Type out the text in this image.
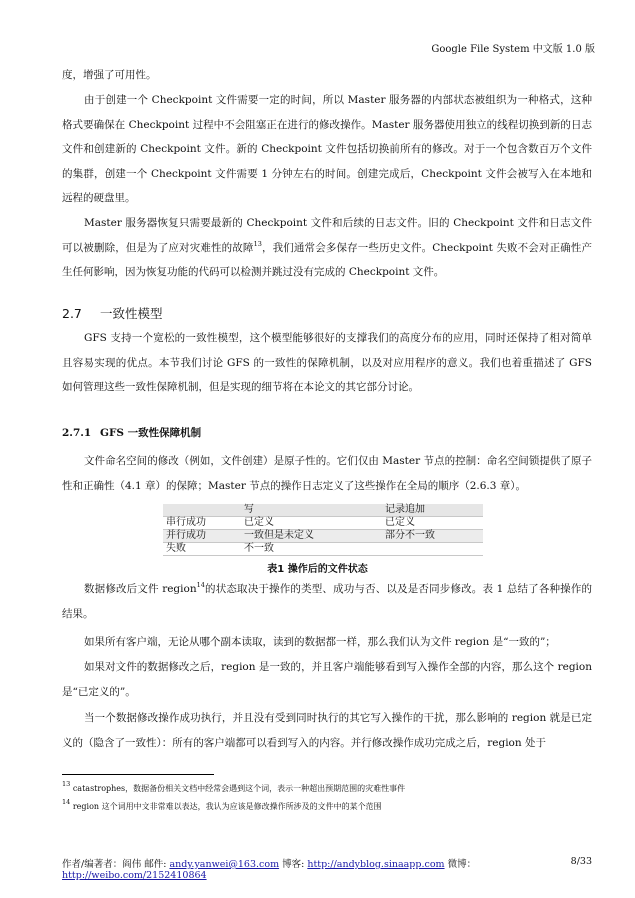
Google File System 中文版 1.0 版
度，增强了可用性。
由于创建一个 Checkpoint 文件需要一定的时间，所以 Master 服务器的内部状态被组织为一种格式，这种格式要确保在 Checkpoint 过程中不会阻塞正在进行的修改操作。Master 服务器使用独立的线程切换到新的日志文件和创建新的 Checkpoint 文件。新的 Checkpoint 文件包括切换前所有的修改。对于一个包含数百万个文件的集群，创建一个 Checkpoint 文件需要 1 分钟左右的时间。创建完成后，Checkpoint 文件会被写入在本地和远程的硬盘里。
Master 服务器恢复只需要最新的 Checkpoint 文件和后续的日志文件。旧的 Checkpoint 文件和日志文件可以被删除，但是为了应对灾难性的故障$^{13}$，我们通常会多保存一些历史文件。Checkpoint 失败不会对正确性产生任何影响，因为恢复功能的代码可以检测并跳过没有完成的 Checkpoint 文件。
2.7 一致性模型
GFS 支持一个宽松的一致性模型，这个模型能够很好的支撑我们的高度分布的应用，同时还保持了相对简单且容易实现的优点。本节我们讨论 GFS 的一致性的保障机制，以及对应用程序的意义。我们也着重描述了 GFS 如何管理这些一致性保障机制，但是实现的细节将在本论文的其它部分讨论。
2.7.1 GFS 一致性保障机制
文件命名空间的修改（例如，文件创建）是原子性的。它们仅由 Master 节点的控制：命名空间锁提供了原子性和正确性（4.1 章）的保障；Master 节点的操作日志定义了这些操作在全局的顺序（2.6.3 章）。
	写	记录追加
串行成功	已定义	已定义
并行成功	一致但是未定义	部分不一致
失败	不一致	
表1 操作后的文件状态
数据修改后文件 region$^{14}$的状态取决于操作的类型、成功与否、以及是否同步修改。表 1 总结了各种操作的结果。
如果所有客户端，无论从哪个副本读取，读到的数据都一样，那么我们认为文件 region 是“一致的”；
如果对文件的数据修改之后，region 是一致的，并且客户端能够看到写入操作全部的内容，那么这个 region 是“已定义的”。
当一个数据修改操作成功执行，并且没有受到同时执行的其它写入操作的干扰，那么影响的 region 就是已定义的（隐含了一致性）：所有的客户端都可以看到写入的内容。并行修改操作成功完成之后，region 处于
$^{13}$ catastrophes，数据备份相关文档中经常会遇到这个词，表示一种超出预期范围的灾难性事件
$^{14}$ region 这个词用中文非常难以表达，我认为应该是修改操作所涉及的文件中的某个范围
作者/编著者：阎伟 邮件: andy.yanwei@163.com 博客: http://andyblog.sinaapp.com 微博：http://weibo.com/2152410864
8/33
